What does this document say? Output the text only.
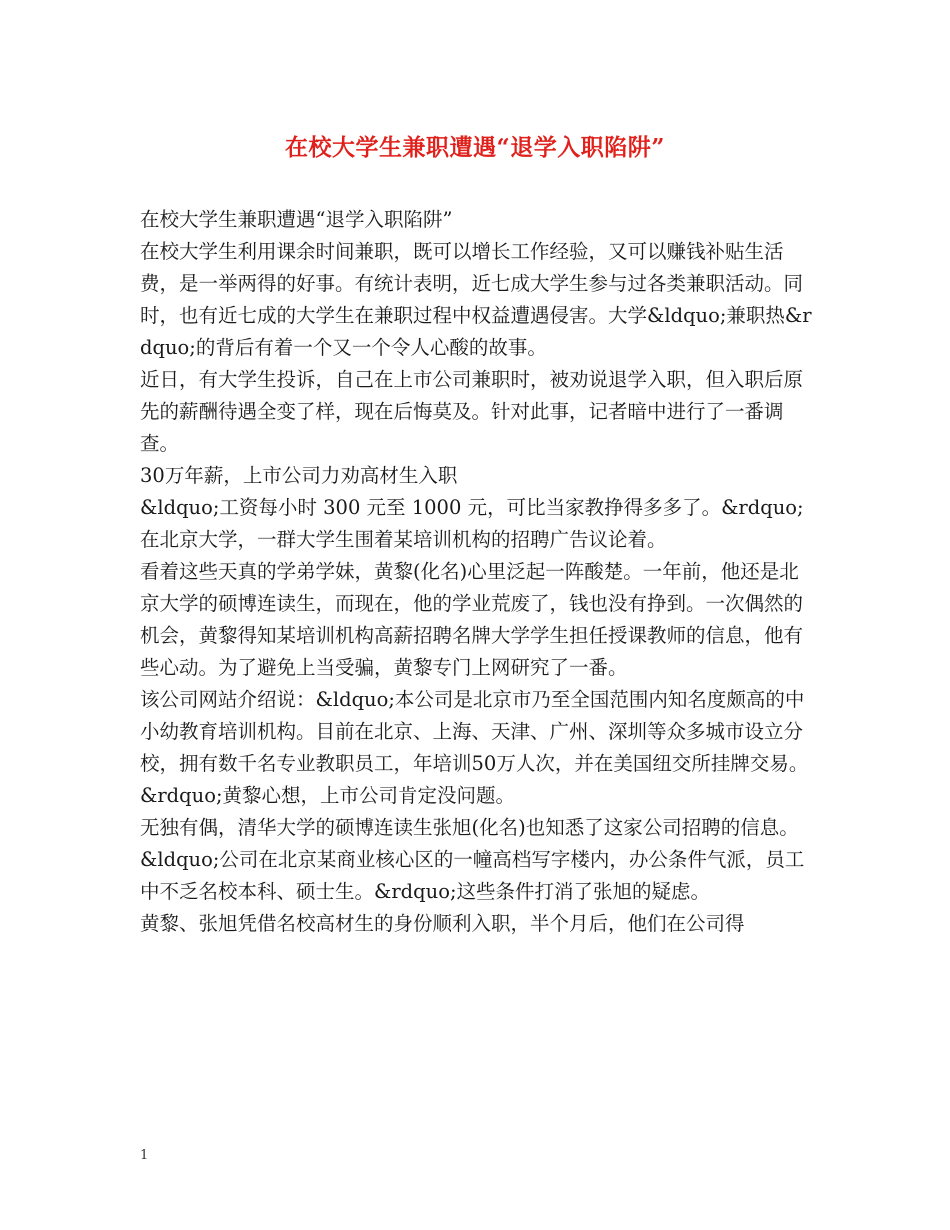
在校大学生兼职遭遇“退学入职陷阱”

在校大学生兼职遭遇“退学入职陷阱”

在校大学生利用课余时间兼职，既可以增长工作经验，又可以赚钱补贴生活费，是一举两得的好事。有统计表明，近七成大学生参与过各类兼职活动。同时，也有近七成的大学生在兼职过程中权益遭遇侵害。大学&ldquo;兼职热&rdquo;的背后有着一个又一个令人心酸的故事。

近日，有大学生投诉，自己在上市公司兼职时，被劝说退学入职，但入职后原先的薪酬待遇全变了样，现在后悔莫及。针对此事，记者暗中进行了一番调查。

30万年薪，上市公司力劝高材生入职

&ldquo;工资每小时 300 元至 1000 元，可比当家教挣得多多了。&rdquo;在北京大学，一群大学生围着某培训机构的招聘广告议论着。

看着这些天真的学弟学妹，黄黎(化名)心里泛起一阵酸楚。一年前，他还是北京大学的硕博连读生，而现在，他的学业荒废了，钱也没有挣到。一次偶然的机会，黄黎得知某培训机构高薪招聘名牌大学学生担任授课教师的信息，他有些心动。为了避免上当受骗，黄黎专门上网研究了一番。

该公司网站介绍说：&ldquo;本公司是北京市乃至全国范围内知名度颇高的中小幼教育培训机构。目前在北京、上海、天津、广州、深圳等众多城市设立分校，拥有数千名专业教职员工，年培训50万人次，并在美国纽交所挂牌交易。&rdquo;黄黎心想，上市公司肯定没问题。

无独有偶，清华大学的硕博连读生张旭(化名)也知悉了这家公司招聘的信息。&ldquo;公司在北京某商业核心区的一幢高档写字楼内，办公条件气派，员工中不乏名校本科、硕士生。&rdquo;这些条件打消了张旭的疑虑。

黄黎、张旭凭借名校高材生的身份顺利入职，半个月后，他们在公司得

1
